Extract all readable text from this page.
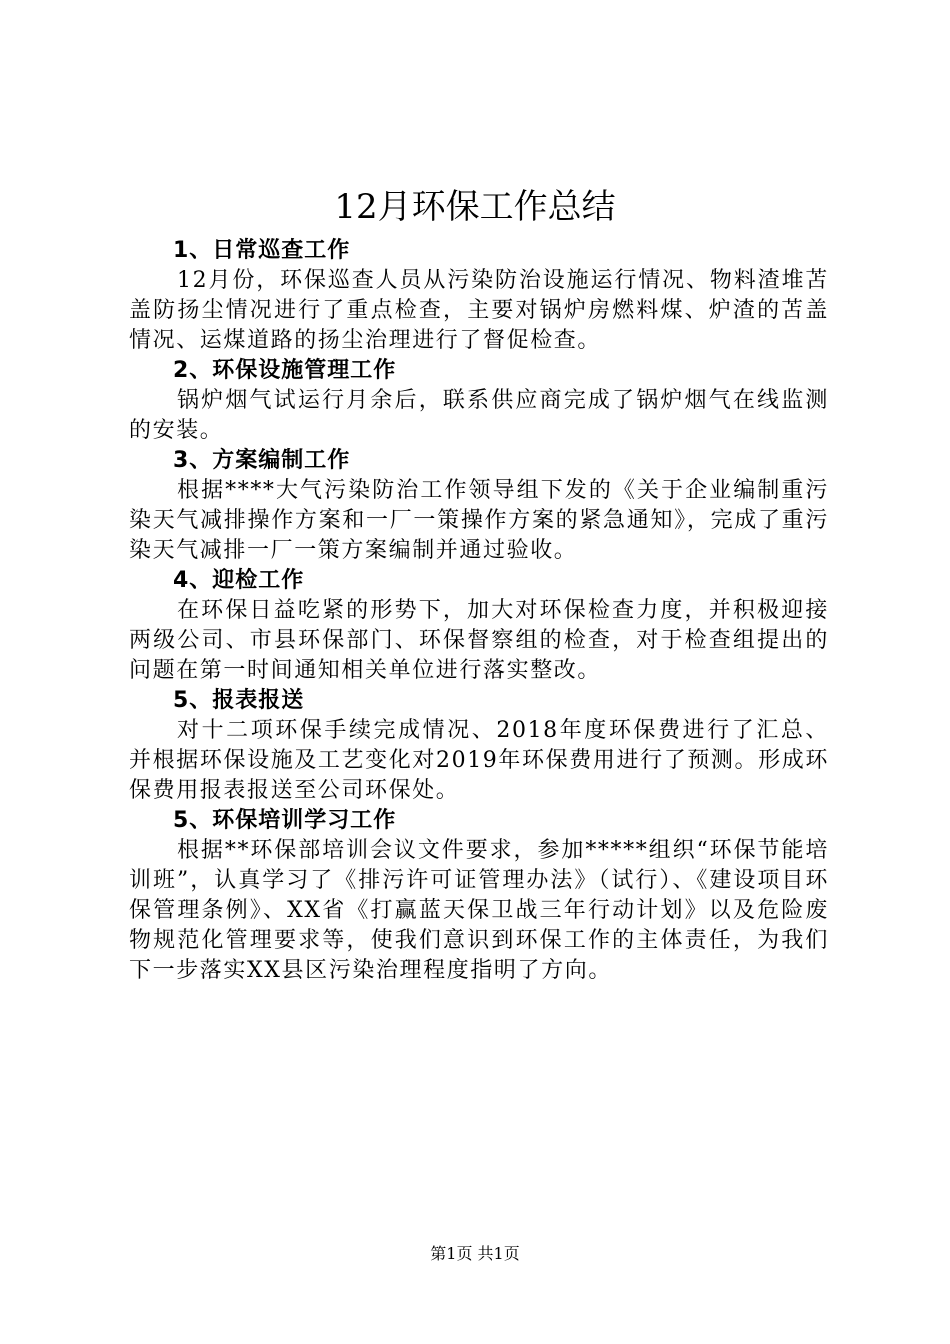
12月环保工作总结

1、日常巡查工作

12月份，环保巡查人员从污染防治设施运行情况、物料渣堆苫盖防扬尘情况进行了重点检查，主要对锅炉房燃料煤、炉渣的苫盖情况、运煤道路的扬尘治理进行了督促检查。

2、环保设施管理工作

锅炉烟气试运行月余后，联系供应商完成了锅炉烟气在线监测的安装。

3、方案编制工作

根据****大气污染防治工作领导组下发的《关于企业编制重污染天气减排操作方案和一厂一策操作方案的紧急通知》，完成了重污染天气减排一厂一策方案编制并通过验收。

4、迎检工作

在环保日益吃紧的形势下，加大对环保检查力度，并积极迎接两级公司、市县环保部门、环保督察组的检查，对于检查组提出的问题在第一时间通知相关单位进行落实整改。

5、报表报送

对十二项环保手续完成情况、2018年度环保费进行了汇总、并根据环保设施及工艺变化对2019年环保费用进行了预测。形成环保费用报表报送至公司环保处。

5、环保培训学习工作

根据**环保部培训会议文件要求，参加*****组织“环保节能培训班”，认真学习了《排污许可证管理办法》（试行）、《建设项目环保管理条例》、XX省《打赢蓝天保卫战三年行动计划》以及危险废物规范化管理要求等，使我们意识到环保工作的主体责任，为我们下一步落实XX县区污染治理程度指明了方向。

第1页 共1页
